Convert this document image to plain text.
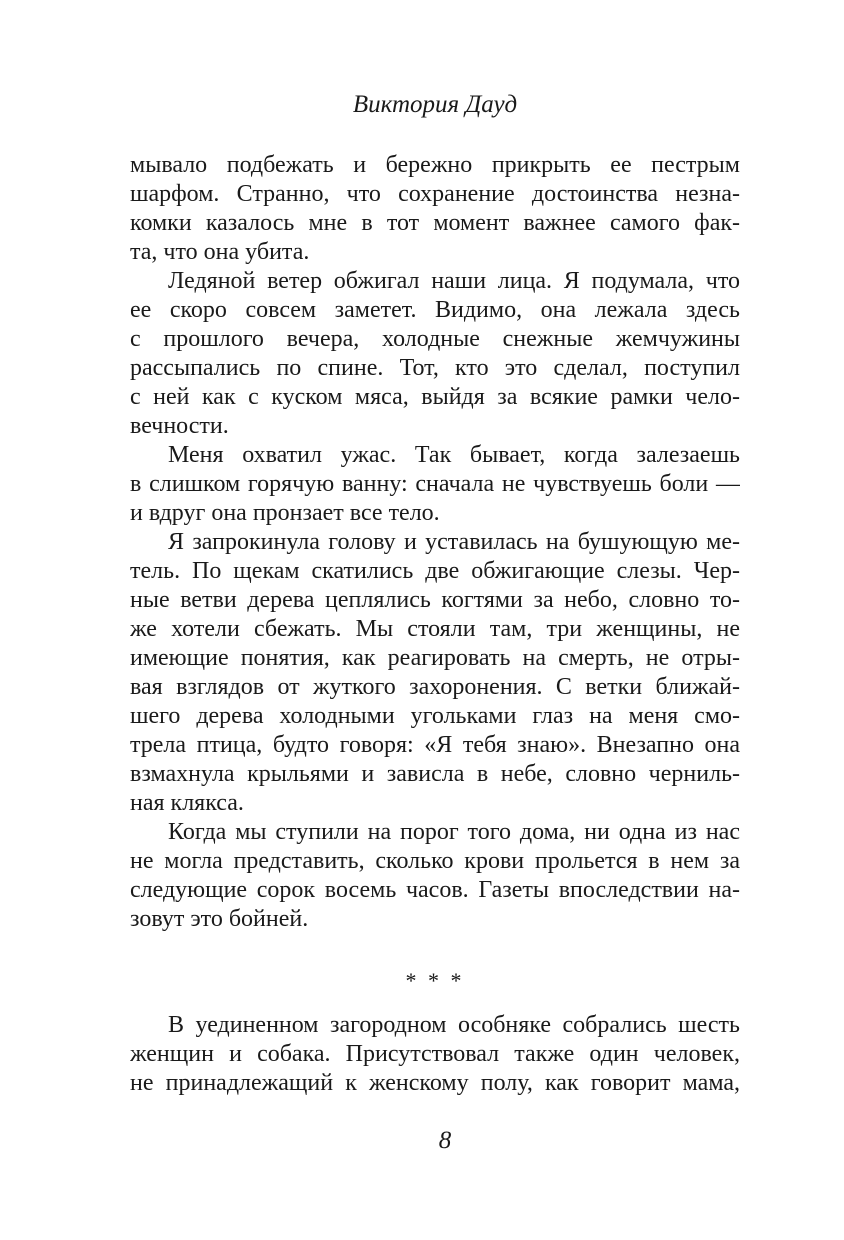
Виктория Дауд
мывало подбежать и бережно прикрыть ее пестрым
шарфом. Странно, что сохранение достоинства незна-
комки казалось мне в тот момент важнее самого фак-
та, что она убита.
Ледяной ветер обжигал наши лица. Я подумала, что
ее скоро совсем заметет. Видимо, она лежала здесь
с прошлого вечера, холодные снежные жемчужины
рассыпались по спине. Тот, кто это сделал, поступил
с ней как с куском мяса, выйдя за всякие рамки чело-
вечности.
Меня охватил ужас. Так бывает, когда залезаешь
в слишком горячую ванну: сначала не чувствуешь боли —
и вдруг она пронзает все тело.
Я запрокинула голову и уставилась на бушующую ме-
тель. По щекам скатились две обжигающие слезы. Чер-
ные ветви дерева цеплялись когтями за небо, словно то-
же хотели сбежать. Мы стояли там, три женщины, не
имеющие понятия, как реагировать на смерть, не отры-
вая взглядов от жуткого захоронения. С ветки ближай-
шего дерева холодными угольками глаз на меня смо-
трела птица, будто говоря: «Я тебя знаю». Внезапно она
взмахнула крыльями и зависла в небе, словно черниль-
ная клякса.
Когда мы ступили на порог того дома, ни одна из нас
не могла представить, сколько крови прольется в нем за
следующие сорок восемь часов. Газеты впоследствии на-
зовут это бойней.
* * *
В уединенном загородном особняке собрались шесть
женщин и собака. Присутствовал также один человек,
не принадлежащий к женскому полу, как говорит мама,
8
